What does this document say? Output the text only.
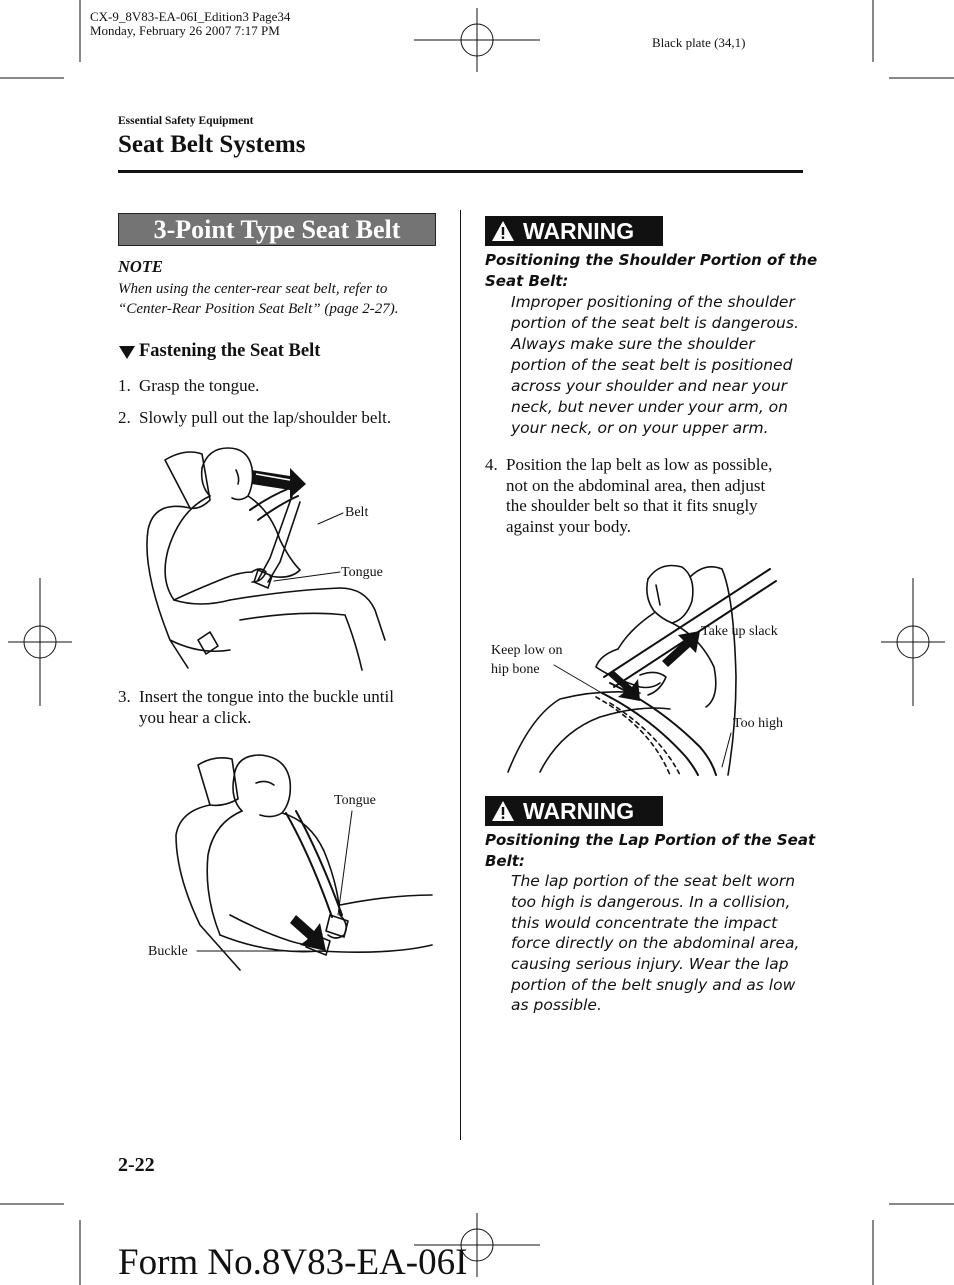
CX-9_8V83-EA-06I_Edition3 Page34
Monday, February 26 2007 7:17 PM
Black plate (34,1)
Essential Safety Equipment
Seat Belt Systems
3-Point Type Seat Belt
NOTE
When using the center-rear seat belt, refer to
“Center-Rear Position Seat Belt” (page 2-27).
Fastening the Seat Belt
1. Grasp the tongue.
2. Slowly pull out the lap/shoulder belt.
Belt
Tongue
3. Insert the tongue into the buckle until
you hear a click.
Tongue
Buckle
WARNING
Positioning the Shoulder Portion of the
Seat Belt:
Improper positioning of the shoulder
portion of the seat belt is dangerous.
Always make sure the shoulder
portion of the seat belt is positioned
across your shoulder and near your
neck, but never under your arm, on
your neck, or on your upper arm.
4. Position the lap belt as low as possible,
not on the abdominal area, then adjust
the shoulder belt so that it fits snugly
against your body.
Keep low on
hip bone
Take up slack
Too high
WARNING
Positioning the Lap Portion of the Seat
Belt:
The lap portion of the seat belt worn
too high is dangerous. In a collision,
this would concentrate the impact
force directly on the abdominal area,
causing serious injury. Wear the lap
portion of the belt snugly and as low
as possible.
2-22
Form No.8V83-EA-06I
